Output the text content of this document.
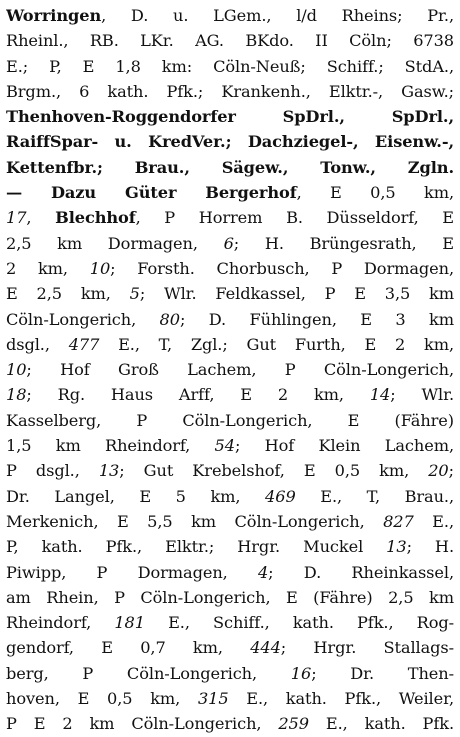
Worringen, D. u. LGem., l/d Rheins; Pr.,
Rheinl., RB. LKr. AG. BKdo. II Cöln; 6738
E.; P, E 1,8 km: Cöln-Neuß; Schiff.; StdA.,
Brgm., 6 kath. Pfk.; Krankenh., Elktr.-, Gasw.;
Thenhoven-Roggendorfer SpDrl., SpDrl.,
RaiffSpar- u. KredVer.; Dachziegel-, Eisenw.-,
Kettenfbr.; Brau., Sägew., Tonw., Zgln.
— Dazu Güter Bergerhof, E 0,5 km,
17, Blechhof, P Horrem B. Düsseldorf, E
2,5 km Dormagen, 6; H. Brüngesrath, E
2 km, 10; Forsth. Chorbusch, P Dormagen,
E 2,5 km, 5; Wlr. Feldkassel, P E 3,5 km
Cöln-Longerich, 80; D. Fühlingen, E 3 km
dsgl., 477 E., T, Zgl.; Gut Furth, E 2 km,
10; Hof Groß Lachem, P Cöln-Longerich,
18; Rg. Haus Arff, E 2 km, 14; Wlr.
Kasselberg, P Cöln-Longerich, E (Fähre)
1,5 km Rheindorf, 54; Hof Klein Lachem,
P dsgl., 13; Gut Krebelshof, E 0,5 km, 20;
Dr. Langel, E 5 km, 469 E., T, Brau.,
Merkenich, E 5,5 km Cöln-Longerich, 827 E.,
P, kath. Pfk., Elktr.; Hrgr. Muckel 13; H.
Piwipp, P Dormagen, 4; D. Rheinkassel,
am Rhein, P Cöln-Longerich, E (Fähre) 2,5 km
Rheindorf, 181 E., Schiff., kath. Pfk., Rog-
gendorf, E 0,7 km, 444; Hrgr. Stallags-
berg, P Cöln-Longerich, 16; Dr. Then-
hoven, E 0,5 km, 315 E., kath. Pfk., Weiler,
P E 2 km Cöln-Longerich, 259 E., kath. Pfk.
